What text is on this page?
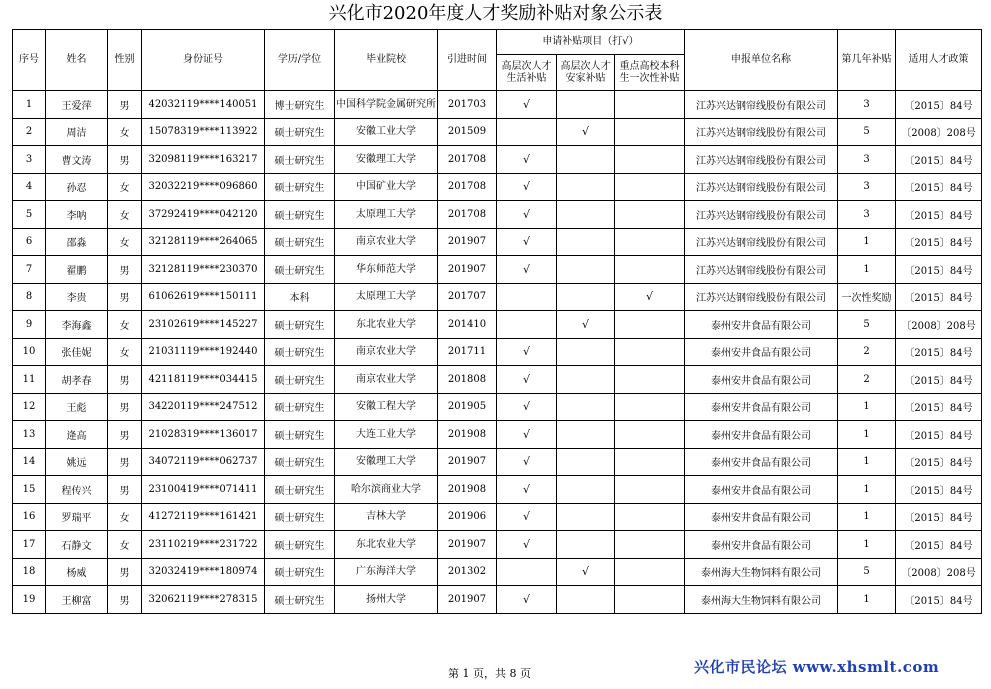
兴化市2020年度人才奖励补贴对象公示表
序号	姓名	性别	身份证号	学历/学位	毕业院校	引进时间	申请补贴项目（打√）			申报单位名称	第几年补贴	适用人才政策
							高层次人才生活补贴	高层次人才安家补贴	重点高校本科生一次性补贴			
1	王爱萍	男	42032119****140051	博士研究生	中国科学院金属研究所	201703	√			江苏兴达钢帘线股份有限公司	3	〔2015〕84号
2	周洁	女	15078319****113922	硕士研究生	安徽工业大学	201509		√		江苏兴达钢帘线股份有限公司	5	〔2008〕208号
3	曹文涛	男	32098119****163217	硕士研究生	安徽理工大学	201708	√			江苏兴达钢帘线股份有限公司	3	〔2015〕84号
4	孙忍	女	32032219****096860	硕士研究生	中国矿业大学	201708	√			江苏兴达钢帘线股份有限公司	3	〔2015〕84号
5	李呐	女	37292419****042120	硕士研究生	太原理工大学	201708	√			江苏兴达钢帘线股份有限公司	3	〔2015〕84号
6	邵淼	女	32128119****264065	硕士研究生	南京农业大学	201907	√			江苏兴达钢帘线股份有限公司	1	〔2015〕84号
7	翟鹏	男	32128119****230370	硕士研究生	华东师范大学	201907	√			江苏兴达钢帘线股份有限公司	1	〔2015〕84号
8	李贵	男	61062619****150111	本科	太原理工大学	201707			√	江苏兴达钢帘线股份有限公司	一次性奖励	〔2015〕84号
9	李海鑫	女	23102619****145227	硕士研究生	东北农业大学	201410		√		泰州安井食品有限公司	5	〔2008〕208号
10	张佳妮	女	21031119****192440	硕士研究生	南京农业大学	201711	√			泰州安井食品有限公司	2	〔2015〕84号
11	胡孝春	男	42118119****034415	硕士研究生	南京农业大学	201808	√			泰州安井食品有限公司	2	〔2015〕84号
12	王彪	男	34220119****247512	硕士研究生	安徽工程大学	201905	√			泰州安井食品有限公司	1	〔2015〕84号
13	逄高	男	21028319****136017	硕士研究生	大连工业大学	201908	√			泰州安井食品有限公司	1	〔2015〕84号
14	姚远	男	34072119****062737	硕士研究生	安徽理工大学	201907	√			泰州安井食品有限公司	1	〔2015〕84号
15	程传兴	男	23100419****071411	硕士研究生	哈尔滨商业大学	201908	√			泰州安井食品有限公司	1	〔2015〕84号
16	罗瑞平	女	41272119****161421	硕士研究生	吉林大学	201906	√			泰州安井食品有限公司	1	〔2015〕84号
17	石静文	女	23110219****231722	硕士研究生	东北农业大学	201907	√			泰州安井食品有限公司	1	〔2015〕84号
18	杨威	男	32032419****180974	硕士研究生	广东海洋大学	201302		√		泰州海大生物饲料有限公司	5	〔2008〕208号
19	王柳富	男	32062119****278315	硕士研究生	扬州大学	201907	√			泰州海大生物饲料有限公司	1	〔2015〕84号
第 1 页，共 8 页	兴化市民论坛 www.xhsmlt.com
